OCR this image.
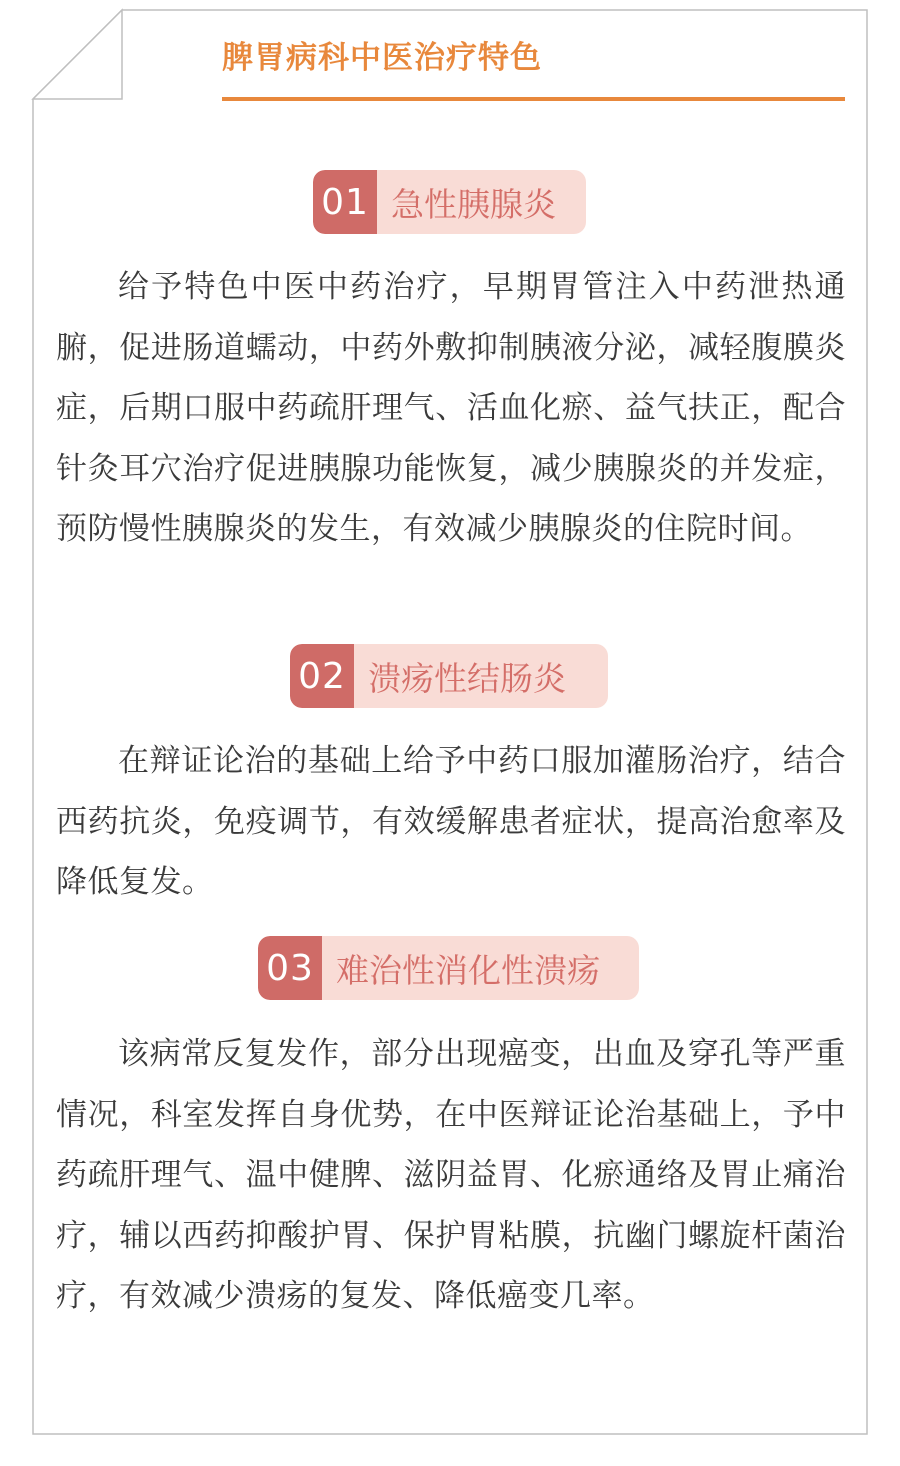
脾胃病科中医治疗特色
01 急性胰腺炎

给予特色中医中药治疗，早期胃管注入中药泄热通腑，促进肠道蠕动，中药外敷抑制胰液分泌，减轻腹膜炎症，后期口服中药疏肝理气、活血化瘀、益气扶正，配合针灸耳穴治疗促进胰腺功能恢复，减少胰腺炎的并发症，预防慢性胰腺炎的发生，有效减少胰腺炎的住院时间。

02 溃疡性结肠炎

在辩证论治的基础上给予中药口服加灌肠治疗，结合西药抗炎，免疫调节，有效缓解患者症状，提高治愈率及降低复发。

03 难治性消化性溃疡

该病常反复发作，部分出现癌变，出血及穿孔等严重情况，科室发挥自身优势，在中医辩证论治基础上，予中药疏肝理气、温中健脾、滋阴益胃、化瘀通络及胃止痛治疗，辅以西药抑酸护胃、保护胃粘膜，抗幽门螺旋杆菌治疗，有效减少溃疡的复发、降低癌变几率。
